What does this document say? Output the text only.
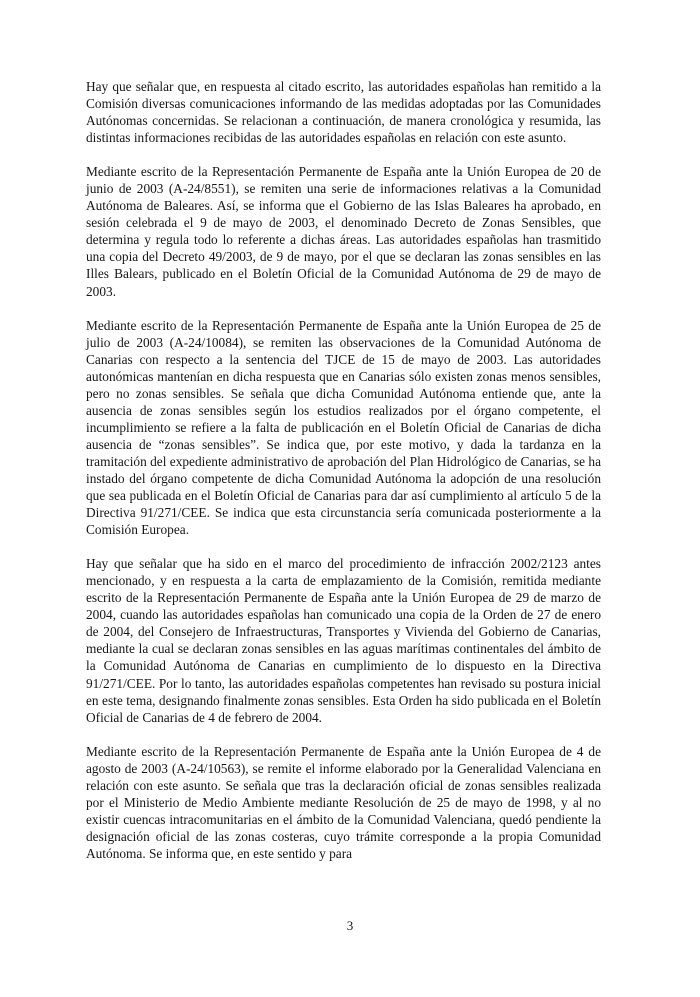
Hay que señalar que, en respuesta al citado escrito, las autoridades españolas han remitido a la Comisión diversas comunicaciones informando de las medidas adoptadas por las Comunidades Autónomas concernidas. Se relacionan a continuación, de manera cronológica y resumida, las distintas informaciones recibidas de las autoridades españolas en relación con este asunto.

Mediante escrito de la Representación Permanente de España ante la Unión Europea de 20 de junio de 2003 (A-24/8551), se remiten una serie de informaciones relativas a la Comunidad Autónoma de Baleares. Así, se informa que el Gobierno de las Islas Baleares ha aprobado, en sesión celebrada el 9 de mayo de 2003, el denominado Decreto de Zonas Sensibles, que determina y regula todo lo referente a dichas áreas. Las autoridades españolas han trasmitido una copia del Decreto 49/2003, de 9 de mayo, por el que se declaran las zonas sensibles en las Illes Balears, publicado en el Boletín Oficial de la Comunidad Autónoma de 29 de mayo de 2003.

Mediante escrito de la Representación Permanente de España ante la Unión Europea de 25 de julio de 2003 (A-24/10084), se remiten las observaciones de la Comunidad Autónoma de Canarias con respecto a la sentencia del TJCE de 15 de mayo de 2003. Las autoridades autonómicas mantenían en dicha respuesta que en Canarias sólo existen zonas menos sensibles, pero no zonas sensibles. Se señala que dicha Comunidad Autónoma entiende que, ante la ausencia de zonas sensibles según los estudios realizados por el órgano competente, el incumplimiento se refiere a la falta de publicación en el Boletín Oficial de Canarias de dicha ausencia de “zonas sensibles”. Se indica que, por este motivo, y dada la tardanza en la tramitación del expediente administrativo de aprobación del Plan Hidrológico de Canarias, se ha instado del órgano competente de dicha Comunidad Autónoma la adopción de una resolución que sea publicada en el Boletín Oficial de Canarias para dar así cumplimiento al artículo 5 de la Directiva 91/271/CEE. Se indica que esta circunstancia sería comunicada posteriormente a la Comisión Europea.

Hay que señalar que ha sido en el marco del procedimiento de infracción 2002/2123 antes mencionado, y en respuesta a la carta de emplazamiento de la Comisión, remitida mediante escrito de la Representación Permanente de España ante la Unión Europea de 29 de marzo de 2004, cuando las autoridades españolas han comunicado una copia de la Orden de 27 de enero de 2004, del Consejero de Infraestructuras, Transportes y Vivienda del Gobierno de Canarias, mediante la cual se declaran zonas sensibles en las aguas marítimas continentales del ámbito de la Comunidad Autónoma de Canarias en cumplimiento de lo dispuesto en la Directiva 91/271/CEE. Por lo tanto, las autoridades españolas competentes han revisado su postura inicial en este tema, designando finalmente zonas sensibles. Esta Orden ha sido publicada en el Boletín Oficial de Canarias de 4 de febrero de 2004.

Mediante escrito de la Representación Permanente de España ante la Unión Europea de 4 de agosto de 2003 (A-24/10563), se remite el informe elaborado por la Generalidad Valenciana en relación con este asunto. Se señala que tras la declaración oficial de zonas sensibles realizada por el Ministerio de Medio Ambiente mediante Resolución de 25 de mayo de 1998, y al no existir cuencas intracomunitarias en el ámbito de la Comunidad Valenciana, quedó pendiente la designación oficial de las zonas costeras, cuyo trámite corresponde a la propia Comunidad Autónoma. Se informa que, en este sentido y para

3
